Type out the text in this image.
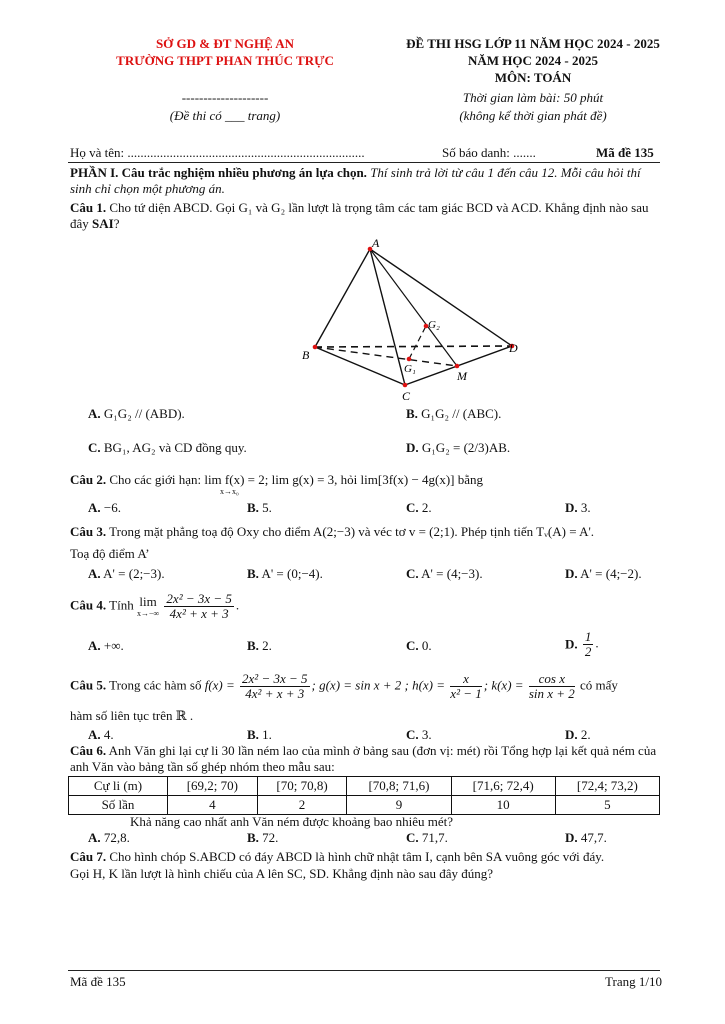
SỞ GD & ĐT NGHỆ AN
TRƯỜNG THPT PHAN THÚC TRỰC
ĐỀ THI HSG LỚP 11 NĂM HỌC 2024 - 2025
NĂM HỌC 2024 - 2025
MÔN: TOÁN
--------------------
(Đề thi có ___ trang)
Thời gian làm bài: 50 phút
(không kể thời gian phát đề)
Họ và tên: .........................................................................	Số báo danh: .......	Mã đề 135
PHẦN I. Câu trắc nghiệm nhiều phương án lựa chọn. Thí sinh trả lời từ câu 1 đến câu 12. Mỗi câu hỏi thí sinh chỉ chọn một phương án.
Câu 1. Cho tứ diện ABCD. Gọi G₁ và G₂ lần lượt là trọng tâm các tam giác BCD và ACD. Khẳng định nào sau đây SAI?
A
B
C
D
G₁
G₂
M
A. G₁G₂ // (ABD).	B. G₁G₂ // (ABC).
C. BG₁, AG₂ và CD đồng quy.	D. G₁G₂ = (2/3)AB.
Câu 2. Cho các giới hạn: lim f(x) = 2; lim g(x) = 3, hỏi lim[3f(x) − 4g(x)] bằng
x→x₀
A. −6.	B. 5.	C. 2.	D. 3.
Câu 3. Trong mặt phẳng toạ độ Oxy cho điểm A(2;−3) và véc tơ v = (2;1). Phép tịnh tiến Tᵥ(A) = A'.
Toạ độ điểm A’
A. A' = (2;−3).	B. A' = (0;−4).	C. A' = (4;−3).	D. A' = (4;−2).
Câu 4. Tính lim
x→−∞
$\frac{\text{2x² − 3x − 5}}{\text{4x² + x + 3}}$ .
A. +∞.	B. 2.	C. 0.	D. $\frac{1}{2}$ .
Câu 5. Trong các hàm số $f(x) = \frac{\text{2x² − 3x − 5}}{\text{4x² + x + 3}}$ ; g(x) = sin x + 2 ; $h(x) = \frac{x}{\text{x² − 1}}$ ; $k(x) = \frac{\text{cos x}}{\text{sin x + 2}}$ có mấy
hàm số liên tục trên ℝ .
A. 4.	B. 1.	C. 3.	D. 2.
Câu 6. Anh Văn ghi lại cự li 30 lần ném lao của mình ở bảng sau (đơn vị: mét) rồi Tổng hợp lại kết quả ném của anh Văn vào bảng tần số ghép nhóm theo mẫu sau:
Cự li (m)	[69,2; 70)	[70; 70,8)	[70,8; 71,6)	[71,6; 72,4)	[72,4; 73,2)
Số lần	4	2	9	10	5
Khả năng cao nhất anh Văn ném được khoảng bao nhiêu mét?
A. 72,8.	B. 72.	C. 71,7.	D. 47,7.
Câu 7. Cho hình chóp S.ABCD có đáy ABCD là hình chữ nhật tâm I, cạnh bên SA vuông góc với đáy.
Gọi H, K lần lượt là hình chiếu của A lên SC, SD. Khẳng định nào sau đây đúng?
Mã đề 135	Trang 1/10
